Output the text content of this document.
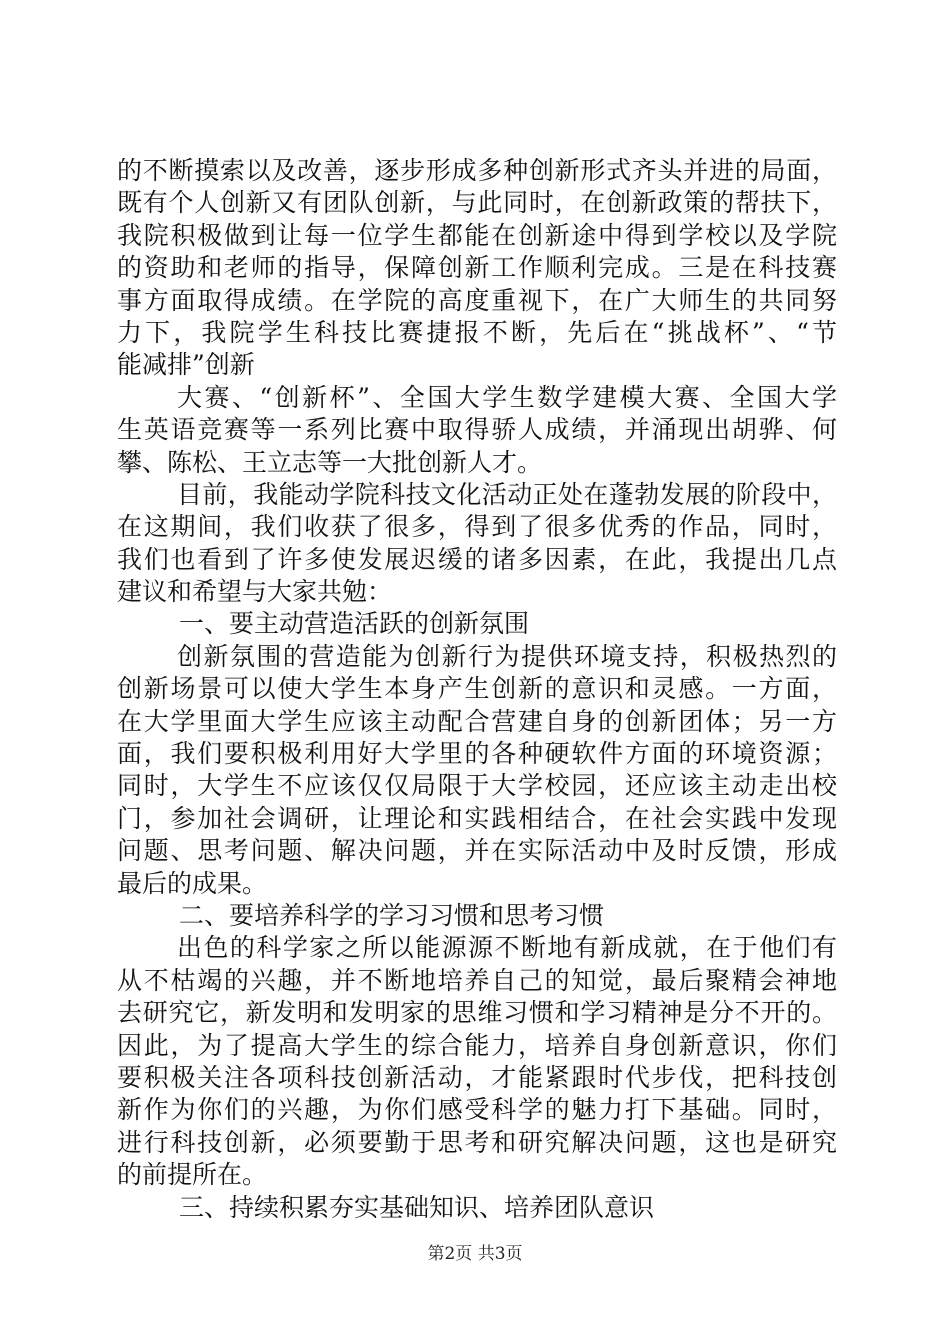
的不断摸索以及改善，逐步形成多种创新形式齐头并进的局面，
既有个人创新又有团队创新，与此同时，在创新政策的帮扶下，
我院积极做到让每一位学生都能在创新途中得到学校以及学院
的资助和老师的指导，保障创新工作顺利完成。三是在科技赛
事方面取得成绩。在学院的高度重视下，在广大师生的共同努
力下，我院学生科技比赛捷报不断，先后在“挑战杯”、“节
能减排”创新
大赛、“创新杯”、全国大学生数学建模大赛、全国大学
生英语竞赛等一系列比赛中取得骄人成绩，并涌现出胡骅、何
攀、陈松、王立志等一大批创新人才。
目前，我能动学院科技文化活动正处在蓬勃发展的阶段中，
在这期间，我们收获了很多，得到了很多优秀的作品，同时，
我们也看到了许多使发展迟缓的诸多因素，在此，我提出几点
建议和希望与大家共勉：
一、要主动营造活跃的创新氛围
创新氛围的营造能为创新行为提供环境支持，积极热烈的
创新场景可以使大学生本身产生创新的意识和灵感。一方面，
在大学里面大学生应该主动配合营建自身的创新团体；另一方
面，我们要积极利用好大学里的各种硬软件方面的环境资源；
同时，大学生不应该仅仅局限于大学校园，还应该主动走出校
门，参加社会调研，让理论和实践相结合，在社会实践中发现
问题、思考问题、解决问题，并在实际活动中及时反馈，形成
最后的成果。
二、要培养科学的学习习惯和思考习惯
出色的科学家之所以能源源不断地有新成就，在于他们有
从不枯竭的兴趣，并不断地培养自己的知觉，最后聚精会神地
去研究它，新发明和发明家的思维习惯和学习精神是分不开的。
因此，为了提高大学生的综合能力，培养自身创新意识，你们
要积极关注各项科技创新活动，才能紧跟时代步伐，把科技创
新作为你们的兴趣，为你们感受科学的魅力打下基础。同时，
进行科技创新，必须要勤于思考和研究解决问题，这也是研究
的前提所在。
三、持续积累夯实基础知识、培养团队意识
第2页 共3页
